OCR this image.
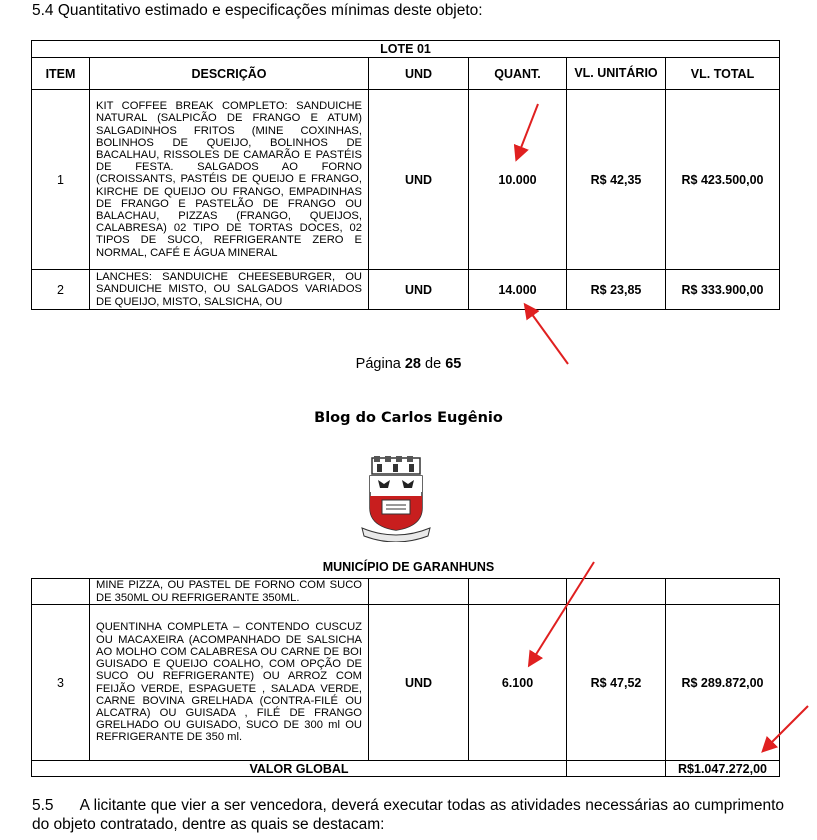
5.4 Quantitativo estimado e especificações mínimas deste objeto:
LOTE 01					
ITEM	DESCRIÇÃO	UND	QUANT.	VL. UNITÁRIO	VL. TOTAL
1	KIT COFFEE BREAK COMPLETO: SANDUICHE NATURAL (SALPICÃO DE FRANGO E ATUM) SALGADINHOS FRITOS (MINE COXINHAS, BOLINHOS DE QUEIJO, BOLINHOS DE BACALHAU, RISSOLES DE CAMARÃO E PASTÉIS DE FESTA. SALGADOS AO FORNO (CROISSANTS, PASTÉIS DE QUEIJO E FRANGO, KIRCHE DE QUEIJO OU FRANGO, EMPADINHAS DE FRANGO E PASTELÃO DE FRANGO OU BALACHAU, PIZZAS (FRANGO, QUEIJOS, CALABRESA) 02 TIPO DE TORTAS DOCES, 02 TIPOS DE SUCO, REFRIGERANTE ZERO E NORMAL, CAFÉ E ÁGUA MINERAL	UND	10.000	R$ 42,35	R$ 423.500,00
2	LANCHES: SANDUICHE CHEESEBURGER, OU SANDUICHE MISTO, OU SALGADOS VARIADOS DE QUEIJO, MISTO, SALSICHA, OU	UND	14.000	R$ 23,85	R$ 333.900,00
Página 28 de 65
Blog do Carlos Eugênio
MUNICÍPIO DE GARANHUNS
	MINE PIZZA, OU PASTEL DE FORNO COM SUCO DE 350ML OU REFRIGERANTE 350ML.				
3	QUENTINHA COMPLETA – CONTENDO CUSCUZ OU MACAXEIRA (ACOMPANHADO DE SALSICHA AO MOLHO COM CALABRESA OU CARNE DE BOI GUISADO E QUEIJO COALHO, COM OPÇÃO DE SUCO OU REFRIGERANTE) OU ARROZ COM FEIJÃO VERDE, ESPAGUETE , SALADA VERDE, CARNE BOVINA GRELHADA (CONTRA-FILÉ OU ALCATRA) OU GUISADA , FILÉ DE FRANGO GRELHADO OU GUISADO, SUCO DE 300 ml OU REFRIGERANTE DE 350 ml.	UND	6.100	R$ 47,52	R$ 289.872,00
VALOR GLOBAL					R$1.047.272,00
5.5 A licitante que vier a ser vencedora, deverá executar todas as atividades necessárias ao cumprimento do objeto contratado, dentre as quais se destacam:
